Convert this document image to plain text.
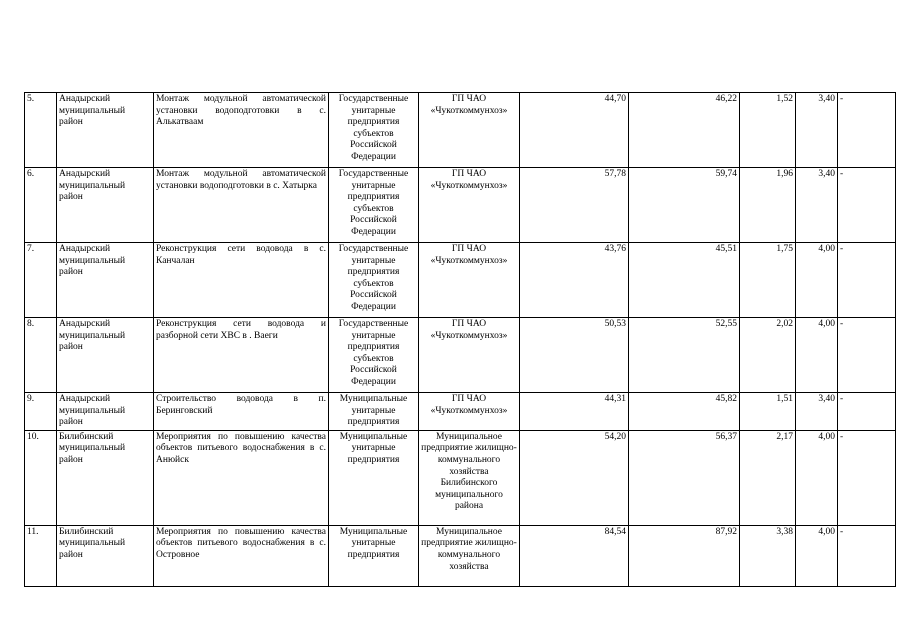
5.	Анадырский муниципальный район	Монтаж модульной автоматической установки водоподготовки в с. Алькатваам	Государственные унитарные предприятия субъектов Российской Федерации	ГП ЧАО «Чукоткоммунхоз»	44,70	46,22	1,52	3,40	-
6.	Анадырский муниципальный район	Монтаж модульной автоматической установки водоподготовки в с. Хатырка	Государственные унитарные предприятия субъектов Российской Федерации	ГП ЧАО «Чукоткоммунхоз»	57,78	59,74	1,96	3,40	-
7.	Анадырский муниципальный район	Реконструкция сети водовода в с. Канчалан	Государственные унитарные предприятия субъектов Российской Федерации	ГП ЧАО «Чукоткоммунхоз»	43,76	45,51	1,75	4,00	-
8.	Анадырский муниципальный район	Реконструкция сети водовода и разборной сети ХВС в . Ваеги	Государственные унитарные предприятия субъектов Российской Федерации	ГП ЧАО «Чукоткоммунхоз»	50,53	52,55	2,02	4,00	-
9.	Анадырский муниципальный район	Строительство водовода в п. Беринговский	Муниципальные унитарные предприятия	ГП ЧАО «Чукоткоммунхоз»	44,31	45,82	1,51	3,40	-
10.	Билибинский муниципальный район	Мероприятия по повышению качества объектов питьевого водоснабжения в с. Анюйск	Муниципальные унитарные предприятия	Муниципальное предприятие жилищно-коммунального хозяйства Билибинского муниципального района	54,20	56,37	2,17	4,00	-
11.	Билибинский муниципальный район	Мероприятия по повышению качества объектов питьевого водоснабжения в с. Островное	Муниципальные унитарные предприятия	Муниципальное предприятие жилищно-коммунального хозяйства	84,54	87,92	3,38	4,00	-
